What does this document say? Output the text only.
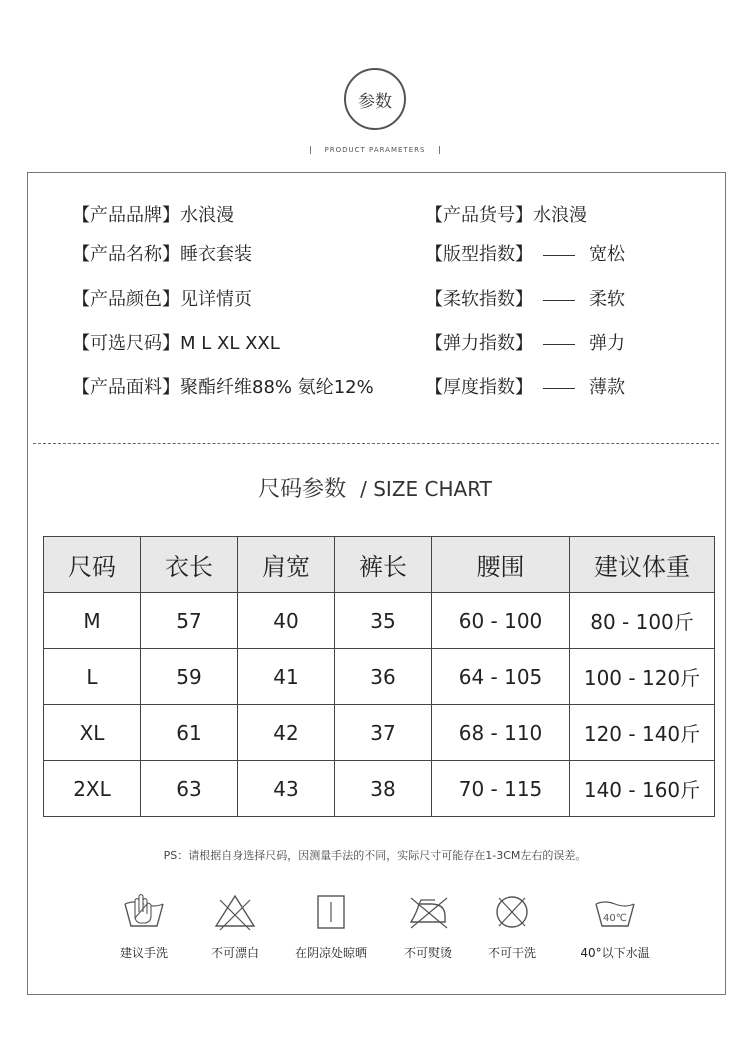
参数
PRODUCT PARAMETERS
【产品品牌】水浪漫
【产品名称】睡衣套装
【产品颜色】见详情页
【可选尺码】M L XL XXL
【产品面料】聚酯纤维88% 氨纶12%
【产品货号】水浪漫
【版型指数】	宽松
【柔软指数】	柔软
【弹力指数】	弹力
【厚度指数】	薄款
尺码参数 / SIZE CHART
尺码	衣长	肩宽	裤长	腰围	建议体重
M	57	40	35	60 - 100	80 - 100斤
L	59	41	36	64 - 105	100 - 120斤
XL	61	42	37	68 - 110	120 - 140斤
2XL	63	43	38	70 - 115	140 - 160斤
PS：请根据自身选择尺码，因测量手法的不同，实际尺寸可能存在1-3CM左右的误差。
建议手洗	不可漂白	在阴凉处晾晒	不可熨烫	不可干洗
40℃
40°以下水温
